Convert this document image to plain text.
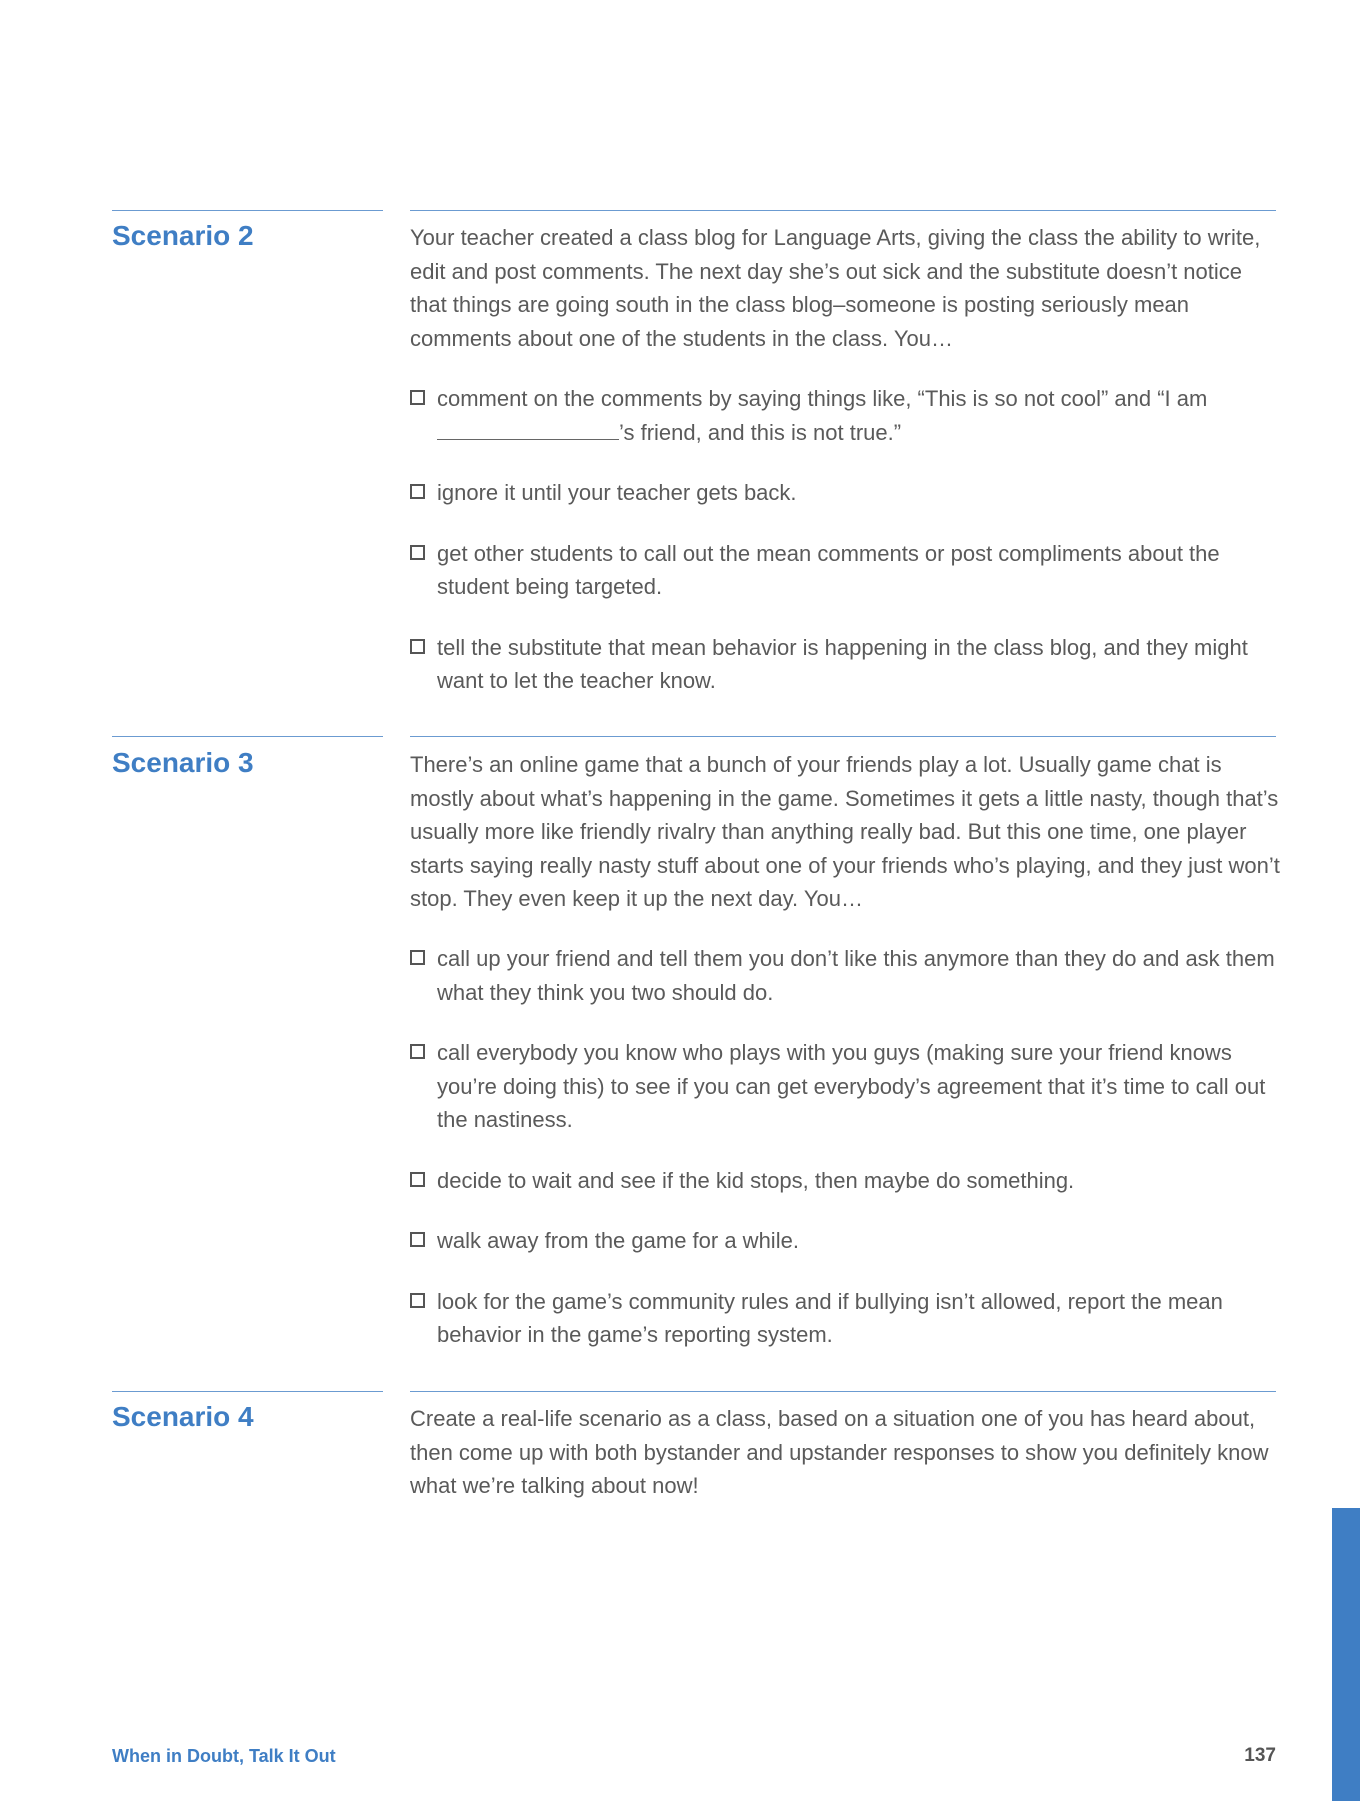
Scenario 2	Your teacher created a class blog for Language Arts, giving the class the ability to write, edit and post comments. The next day she’s out sick and the substitute doesn’t notice that things are going south in the class blog–someone is posting seriously mean comments about one of the students in the class. You…

comment on the comments by saying things like, “This is so not cool” and “I am
’s friend, and this is not true.”
ignore it until your teacher gets back.
get other students to call out the mean comments or post compliments about the student being targeted.
tell the substitute that mean behavior is happening in the class blog, and they might want to let the teacher know.
Scenario 3	There’s an online game that a bunch of your friends play a lot. Usually game chat is mostly about what’s happening in the game. Sometimes it gets a little nasty, though that’s usually more like friendly rivalry than anything really bad. But this one time, one player starts saying really nasty stuff about one of your friends who’s playing, and they just won’t stop. They even keep it up the next day. You…

call up your friend and tell them you don’t like this anymore than they do and ask them what they think you two should do.
call everybody you know who plays with you guys (making sure your friend knows you’re doing this) to see if you can get everybody’s agreement that it’s time to call out the nastiness.
decide to wait and see if the kid stops, then maybe do something.
walk away from the game for a while.
look for the game’s community rules and if bullying isn’t allowed, report the mean behavior in the game’s reporting system.
Scenario 4	Create a real-life scenario as a class, based on a situation one of you has heard about, then come up with both bystander and upstander responses to show you definitely know what we’re talking about now!

When in Doubt, Talk It Out	137
